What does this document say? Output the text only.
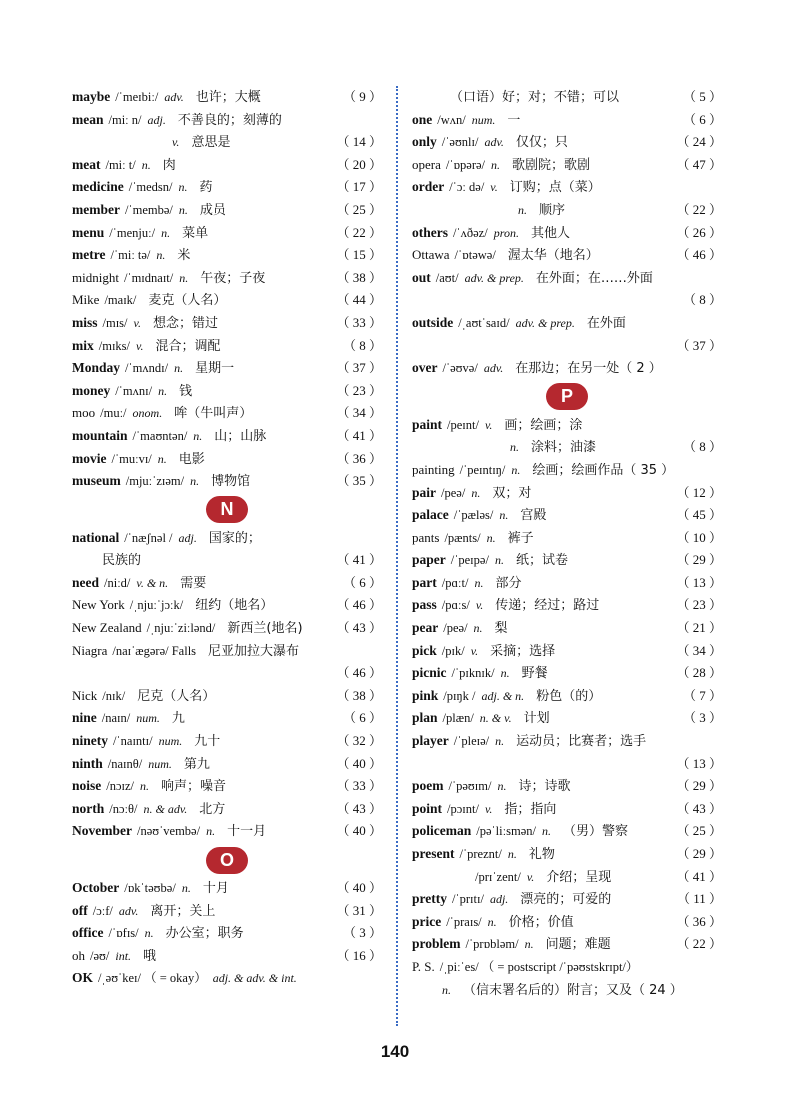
maybe /ˈmeɪbiː/ adv. 也许；大概	（ 9 ）
mean /miː n/ adj. 不善良的；刻薄的
v. 意思是	（ 14 ）
meat /miː t/ n. 肉	（ 20 ）
medicine /ˈmedsn/ n. 药	（ 17 ）
member /ˈmembə/ n. 成员	（ 25 ）
menu /ˈmenjuː/ n. 菜单	（ 22 ）
metre /ˈmiː tə/ n. 米	（ 15 ）
midnight /ˈmɪdnaɪt/ n. 午夜；子夜	（ 38 ）
Mike /maɪk/ 麦克（人名）	（ 44 ）
miss /mɪs/ v. 想念；错过	（ 33 ）
mix /mɪks/ v. 混合；调配	（ 8 ）
Monday /ˈmʌndɪ/ n. 星期一	（ 37 ）
money /ˈmʌnɪ/ n. 钱	（ 23 ）
moo /muː/ onom. 哞（牛叫声）	（ 34 ）
mountain /ˈmaʊntən/ n. 山；山脉	（ 41 ）
movie /ˈmuːvɪ/ n. 电影	（ 36 ）
museum /mjuːˈzɪəm/ n. 博物馆	（ 35 ）
N
national /ˈnæʃnəl / adj. 国家的；
民族的	（ 41 ）
need /niːd/ v. & n. 需要	（ 6 ）
New York /ˌnjuːˈjɔːk/ 纽约（地名）	（ 46 ）
New Zealand /ˌnjuːˈziːlənd/ 新西兰(地名)	（ 43 ）
Niagra /naɪˈægərə/ Falls 尼亚加拉大瀑布
（ 46 ）
Nick /nɪk/ 尼克（人名）	（ 38 ）
nine /naɪn/ num. 九	（ 6 ）
ninety /ˈnaɪntɪ/ num. 九十	（ 32 ）
ninth /naɪnθ/ num. 第九	（ 40 ）
noise /nɔɪz/ n. 响声；噪音	（ 33 ）
north /nɔːθ/ n. & adv. 北方	（ 43 ）
November /nəʊˈvembə/ n. 十一月	（ 40 ）
O
October /ɒkˈtəʊbə/ n. 十月	（ 40 ）
off /ɔːf/ adv. 离开；关上	（ 31 ）
office /ˈɒfɪs/ n. 办公室；职务	（ 3 ）
oh /əʊ/ int. 哦	（ 16 ）
OK /ˌəʊˈkeɪ/ （ = okay） adj. & adv. & int.
（口语）好；对；不错；可以	（ 5 ）
one /wʌn/ num. 一	（ 6 ）
only /ˈəʊnlɪ/ adv. 仅仅；只	（ 24 ）
opera /ˈɒpərə/ n. 歌剧院；歌剧	（ 47 ）
order /ˈɔː də/ v. 订购；点（菜）
n. 顺序	（ 22 ）
others /ˈʌðəz/ pron. 其他人	（ 26 ）
Ottawa /ˈɒtəwə/ 渥太华（地名）	（ 46 ）
out /aʊt/ adv. & prep. 在外面；在……外面
（ 8 ）
outside /ˌaʊtˈsaɪd/ adv. & prep. 在外面
（ 37 ）
over /ˈəʊvə/ adv. 在那边；在另一处（ 2 ）
P
paint /peɪnt/ v. 画；绘画；涂
n. 涂料；油漆	（ 8 ）
painting /ˈpeɪntɪŋ/ n. 绘画；绘画作品（ 35 ）
pair /peə/ n. 双；对	（ 12 ）
palace /ˈpæləs/ n. 宫殿	（ 45 ）
pants /pænts/ n. 裤子	（ 10 ）
paper /ˈpeɪpə/ n. 纸；试卷	（ 29 ）
part /pɑːt/ n. 部分	（ 13 ）
pass /pɑːs/ v. 传递；经过；路过	（ 23 ）
pear /peə/ n. 梨	（ 21 ）
pick /pɪk/ v. 采摘；选择	（ 34 ）
picnic /ˈpɪknɪk/ n. 野餐	（ 28 ）
pink /pɪŋk / adj. & n. 粉色（的）	（ 7 ）
plan /plæn/ n. & v. 计划	（ 3 ）
player /ˈpleɪə/ n. 运动员；比赛者；选手
（ 13 ）
poem /ˈpəʊɪm/ n. 诗；诗歌	（ 29 ）
point /pɔɪnt/ v. 指；指向	（ 43 ）
policeman /pəˈliːsmən/ n. （男）警察	（ 25 ）
present /ˈpreznt/ n. 礼物	（ 29 ）
/prɪˈzent/ v. 介绍；呈现	（ 41 ）
pretty /ˈprɪtɪ/ adj. 漂亮的；可爱的	（ 11 ）
price /ˈpraɪs/ n. 价格；价值	（ 36 ）
problem /ˈprɒbləm/ n. 问题；难题	（ 22 ）
P. S. /ˌpiːˈes/ （ = postscript /ˈpəʊstskrɪpt/）
n. （信末署名后的）附言；又及（ 24 ）
140
